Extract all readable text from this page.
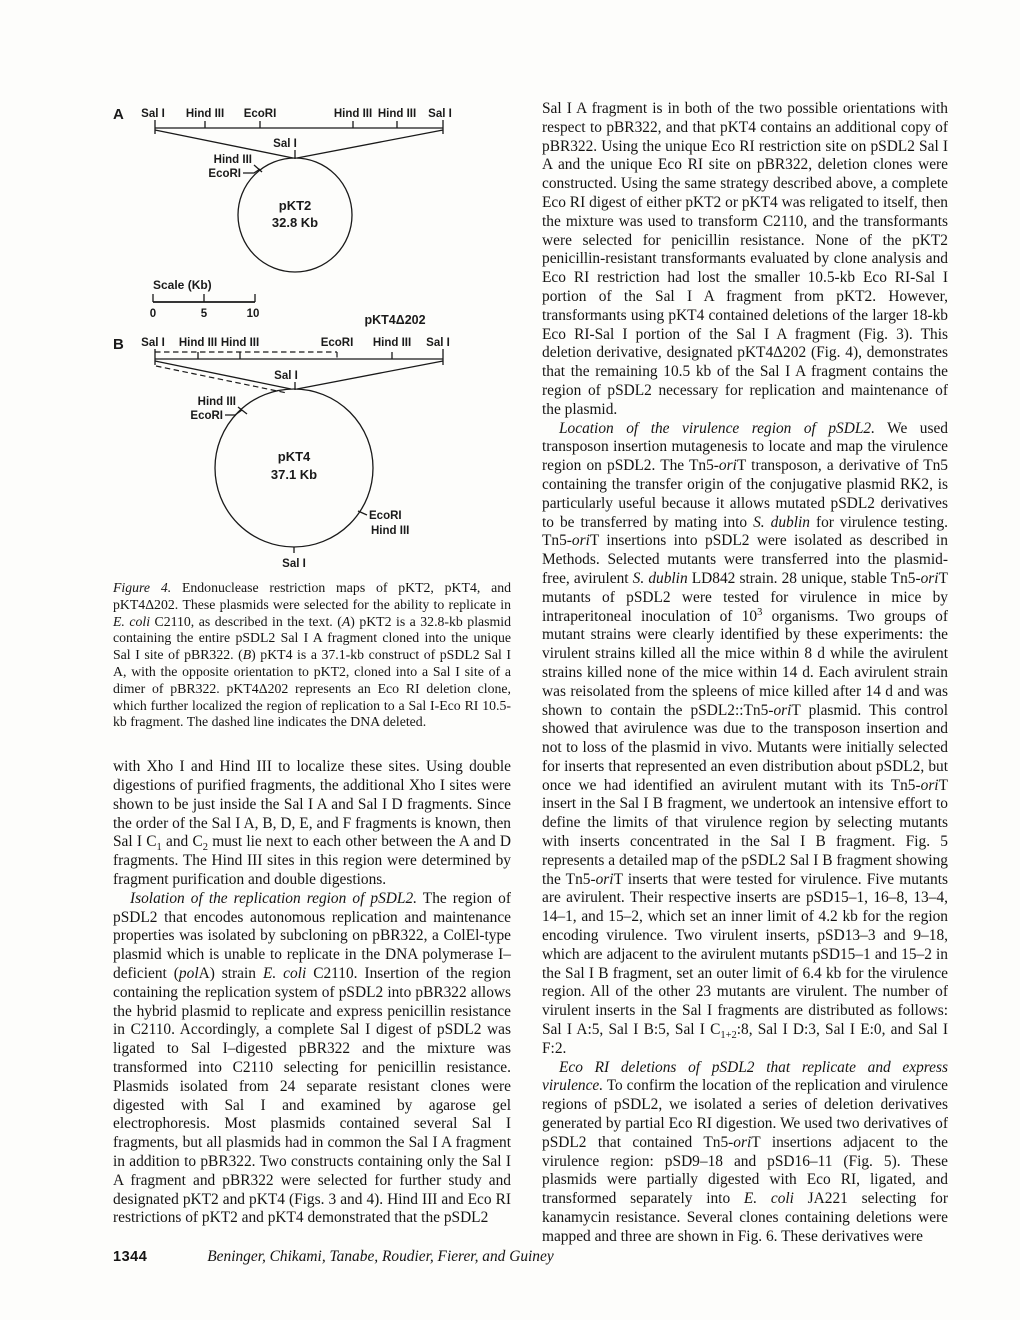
A Sal I Hind III EcoRI	Hind III Hind III Sal I
Sal I
Hind III
EcoRI
pKT2
32.8 Kb
Scale (Kb)
0	5	10	pKT4Δ202
B Sal I Hind III Hind III	EcoRI Hind III Sal I
Sal I
Hind III
EcoRI
pKT4
37.1 Kb
EcoRI
Hind III
Sal I
Figure 4. Endonuclease restriction maps of pKT2, pKT4, and pKT4Δ202. These plasmids were selected for the ability to replicate in E. coli C2110, as described in the text. (A) pKT2 is a 32.8-kb plasmid containing the entire pSDL2 Sal I A fragment cloned into the unique Sal I site of pBR322. (B) pKT4 is a 37.1-kb construct of pSDL2 Sal I A, with the opposite orientation to pKT2, cloned into a Sal I site of a dimer of pBR322. pKT4Δ202 represents an Eco RI deletion clone, which further localized the region of replication to a Sal I-Eco RI 10.5-kb fragment. The dashed line indicates the DNA deleted.

with Xho I and Hind III to localize these sites. Using double digestions of purified fragments, the additional Xho I sites were shown to be just inside the Sal I A and Sal I D fragments. Since the order of the Sal I A, B, D, E, and F fragments is known, then Sal I $C_1$ and $C_2$ must lie next to each other between the A and D fragments. The Hind III sites in this region were determined by fragment purification and double digestions.

Isolation of the replication region of pSDL2. The region of pSDL2 that encodes autonomous replication and maintenance properties was isolated by subcloning on pBR322, a ColEl-type plasmid which is unable to replicate in the DNA polymerase I–deficient (polA) strain E. coli C2110. Insertion of the region containing the replication system of pSDL2 into pBR322 allows the hybrid plasmid to replicate and express penicillin resistance in C2110. Accordingly, a complete Sal I digest of pSDL2 was ligated to Sal I–digested pBR322 and the mixture was transformed into C2110 selecting for penicillin resistance. Plasmids isolated from 24 separate resistant clones were digested with Sal I and examined by agarose gel electrophoresis. Most plasmids contained several Sal I fragments, but all plasmids had in common the Sal I A fragment in addition to pBR322. Two constructs containing only the Sal I A fragment and pBR322 were selected for further study and designated pKT2 and pKT4 (Figs. 3 and 4). Hind III and Eco RI restrictions of pKT2 and pKT4 demonstrated that the pSDL2

Sal I A fragment is in both of the two possible orientations with respect to pBR322, and that pKT4 contains an additional copy of pBR322. Using the unique Eco RI restriction site on pSDL2 Sal I A and the unique Eco RI site on pBR322, deletion clones were constructed. Using the same strategy described above, a complete Eco RI digest of either pKT2 or pKT4 was religated to itself, then the mixture was used to transform C2110, and the transformants were selected for penicillin resistance. None of the pKT2 penicillin-resistant transformants evaluated by clone analysis and Eco RI restriction had lost the smaller 10.5-kb Eco RI-Sal I portion of the Sal I A fragment from pKT2. However, transformants using pKT4 contained deletions of the larger 18-kb Eco RI-Sal I portion of the Sal I A fragment (Fig. 3). This deletion derivative, designated pKT4Δ202 (Fig. 4), demonstrates that the remaining 10.5 kb of the Sal I A fragment contains the region of pSDL2 necessary for replication and maintenance of the plasmid.

Location of the virulence region of pSDL2. We used transposon insertion mutagenesis to locate and map the virulence region on pSDL2. The Tn5-oriT transposon, a derivative of Tn5 containing the transfer origin of the conjugative plasmid RK2, is particularly useful because it allows mutated pSDL2 derivatives to be transferred by mating into S. dublin for virulence testing. Tn5-oriT insertions into pSDL2 were isolated as described in Methods. Selected mutants were transferred into the plasmid-free, avirulent S. dublin LD842 strain. 28 unique, stable Tn5-oriT mutants of pSDL2 were tested for virulence in mice by intraperitoneal inoculation of $10^3$ organisms. Two groups of mutant strains were clearly identified by these experiments: the virulent strains killed all the mice within 8 d while the avirulent strains killed none of the mice within 14 d. Each avirulent strain was reisolated from the spleens of mice killed after 14 d and was shown to contain the pSDL2::Tn5-oriT plasmid. This control showed that avirulence was due to the transposon insertion and not to loss of the plasmid in vivo. Mutants were initially selected for inserts that represented an even distribution about pSDL2, but once we had identified an avirulent mutant with its Tn5-oriT insert in the Sal I B fragment, we undertook an intensive effort to define the limits of that virulence region by selecting mutants with inserts concentrated in the Sal I B fragment. Fig. 5 represents a detailed map of the pSDL2 Sal I B fragment showing the Tn5-oriT inserts that were tested for virulence. Five mutants are avirulent. Their respective inserts are pSD15–1, 16–8, 13–4, 14–1, and 15–2, which set an inner limit of 4.2 kb for the region encoding virulence. Two virulent inserts, pSD13–3 and 9–18, which are adjacent to the avirulent mutants pSD15–1 and 15–2 in the Sal I B fragment, set an outer limit of 6.4 kb for the virulence region. All of the other 23 mutants are virulent. The number of virulent inserts in the Sal I fragments are distributed as follows: Sal I A:5, Sal I B:5, Sal I $C_{1+2}:8$, Sal I D:3, Sal I E:0, and Sal I F:2.

Eco RI deletions of pSDL2 that replicate and express virulence. To confirm the location of the replication and virulence regions of pSDL2, we isolated a series of deletion derivatives generated by partial Eco RI digestion. We used two derivatives of pSDL2 that contained Tn5-oriT insertions adjacent to the virulence region: pSD9–18 and pSD16–11 (Fig. 5). These plasmids were partially digested with Eco RI, ligated, and transformed separately into E. coli JA221 selecting for kanamycin resistance. Several clones containing deletions were mapped and three are shown in Fig. 6. These derivatives were

1344	Beninger, Chikami, Tanabe, Roudier, Fierer, and Guiney
